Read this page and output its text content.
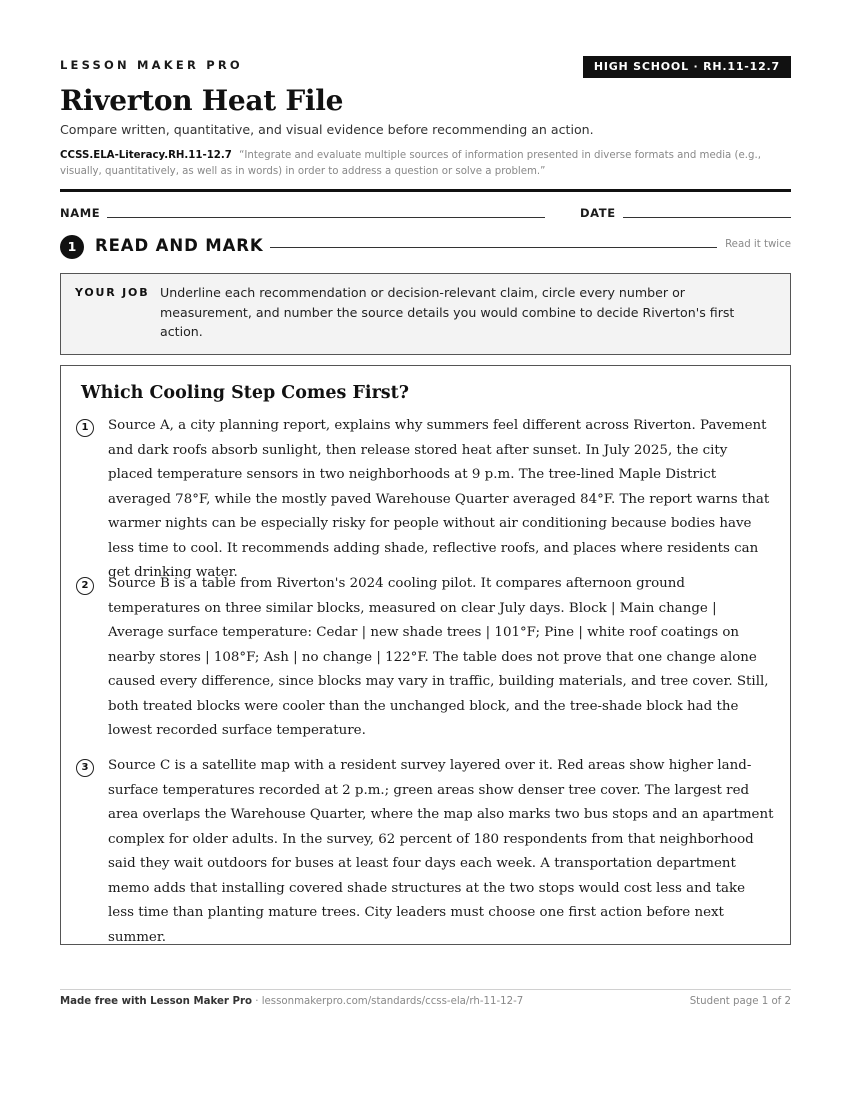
LESSON MAKER PRO	HIGH SCHOOL · RH.11-12.7
Riverton Heat File
Compare written, quantitative, and visual evidence before recommending an action.
CCSS.ELA-Literacy.RH.11-12.7 “Integrate and evaluate multiple sources of information presented in diverse formats and media (e.g., visually, quantitatively, as well as in words) in order to address a question or solve a problem.”
NAME	DATE
1	READ AND MARK	Read it twice
YOUR JOB Underline each recommendation or decision-relevant claim, circle every number or measurement, and number the source details you would combine to decide Riverton's first action.
Which Cooling Step Comes First?
1	Source A, a city planning report, explains why summers feel different across Riverton. Pavement and dark roofs absorb sunlight, then release stored heat after sunset. In July 2025, the city placed temperature sensors in two neighborhoods at 9 p.m. The tree-lined Maple District averaged 78°F, while the mostly paved Warehouse Quarter averaged 84°F. The report warns that warmer nights can be especially risky for people without air conditioning because bodies have less time to cool. It recommends adding shade, reflective roofs, and places where residents can get drinking water.
2	Source B is a table from Riverton's 2024 cooling pilot. It compares afternoon ground temperatures on three similar blocks, measured on clear July days. Block | Main change | Average surface temperature: Cedar | new shade trees | 101°F; Pine | white roof coatings on nearby stores | 108°F; Ash | no change | 122°F. The table does not prove that one change alone caused every difference, since blocks may vary in traffic, building materials, and tree cover. Still, both treated blocks were cooler than the unchanged block, and the tree-shade block had the lowest recorded surface temperature.
3	Source C is a satellite map with a resident survey layered over it. Red areas show higher land-surface temperatures recorded at 2 p.m.; green areas show denser tree cover. The largest red area overlaps the Warehouse Quarter, where the map also marks two bus stops and an apartment complex for older adults. In the survey, 62 percent of 180 respondents from that neighborhood said they wait outdoors for buses at least four days each week. A transportation department memo adds that installing covered shade structures at the two stops would cost less and take less time than planting mature trees. City leaders must choose one first action before next summer.
Made free with Lesson Maker Pro · lessonmakerpro.com/standards/ccss-ela/rh-11-12-7	Student page 1 of 2
